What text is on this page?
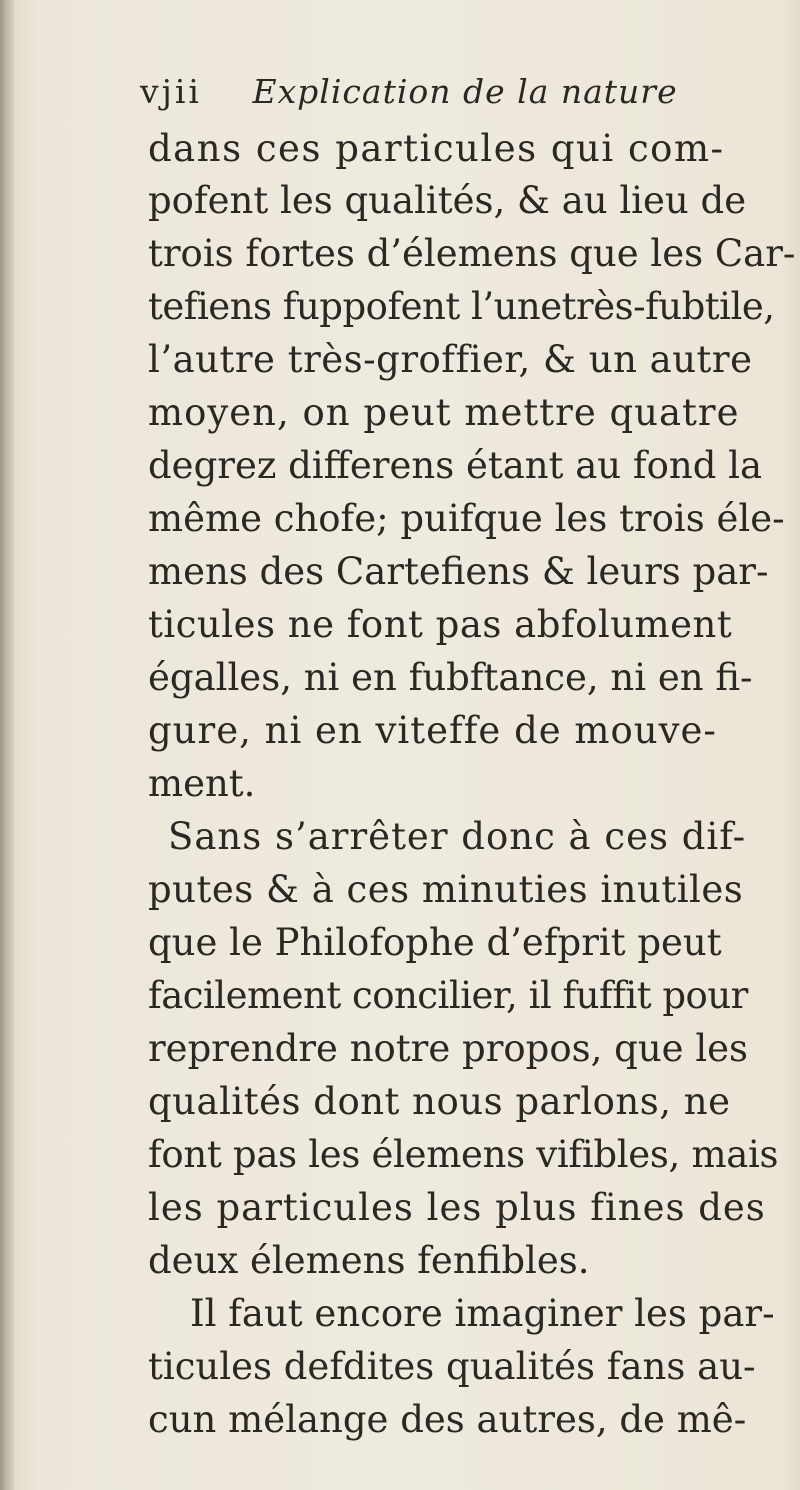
vjii Explication de la nature
dans ces particules qui com-
pofent les qualités, & au lieu de
trois fortes d’élemens que les Car-
tefiens fuppofent l’unetrès-fubtile,
l’autre très-groffier, & un autre
moyen, on peut mettre quatre
degrez differens étant au fond la
même chofe; puifque les trois éle-
mens des Cartefiens & leurs par-
ticules ne font pas abfolument
égalles, ni en fubftance, ni en fi-
gure, ni en viteffe de mouve-
ment.
Sans s’arrêter donc à ces dif-
putes & à ces minuties inutiles
que le Philofophe d’efprit peut
facilement concilier, il fuffit pour
reprendre notre propos, que les
qualités dont nous parlons, ne
font pas les élemens vifibles, mais
les particules les plus fines des
deux élemens fenfibles.
Il faut encore imaginer les par-
ticules defdites qualités fans au-
cun mélange des autres, de mê-
